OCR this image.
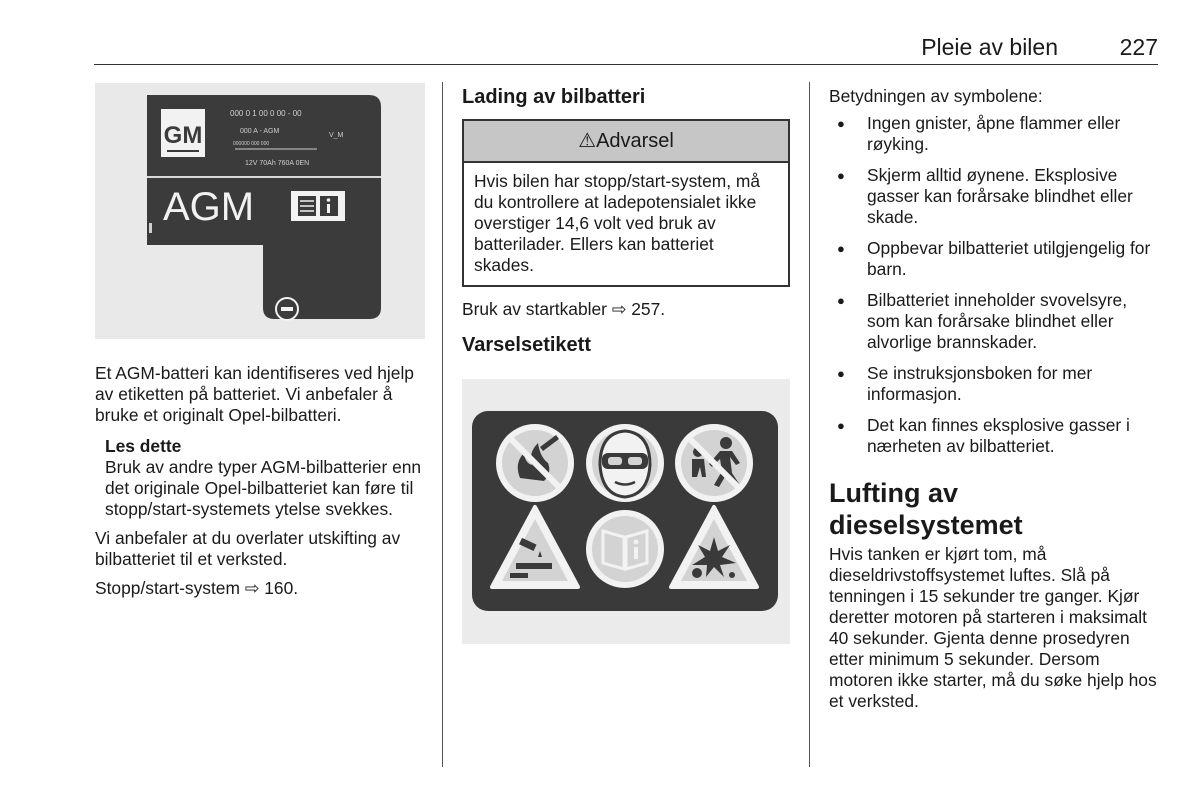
Pleie av bilen	227
GM
000 0 1 00 0 00 - 00
000 A - AGM
000000 000 000
V_M
12V 70Ah 760A 0EN
AGM

Et AGM-batteri kan identifiseres ved hjelp av etiketten på batteriet. Vi anbefaler å bruke et originalt Opel-bilbatteri.

Les dette
Bruk av andre typer AGM-bilbatterier enn det originale Opel-bilbatteriet kan føre til stopp/start-systemets ytelse svekkes.

Vi anbefaler at du overlater utskifting av bilbatteriet til et verksted.

Stopp/start-system ⇨ 160.

Lading av bilbatteri
⚠Advarsel
Hvis bilen har stopp/start-system, må du kontrollere at ladepotensialet ikke overstiger 14,6 volt ved bruk av batterilader. Ellers kan batteriet skades.

Bruk av startkabler ⇨ 257.

Varselsetikett

Betydningen av symbolene:

● Ingen gnister, åpne flammer eller røyking.
● Skjerm alltid øynene. Eksplosive gasser kan forårsake blindhet eller skade.
● Oppbevar bilbatteriet utilgjengelig for barn.
● Bilbatteriet inneholder svovelsyre, som kan forårsake blindhet eller alvorlige brannskader.
● Se instruksjonsboken for mer informasjon.
● Det kan finnes eksplosive gasser i nærheten av bilbatteriet.
Lufting av dieselsystemet

Hvis tanken er kjørt tom, må dieseldrivstoffsystemet luftes. Slå på tenningen i 15 sekunder tre ganger. Kjør deretter motoren på starteren i maksimalt 40 sekunder. Gjenta denne prosedyren etter minimum 5 sekunder. Dersom motoren ikke starter, må du søke hjelp hos et verksted.
